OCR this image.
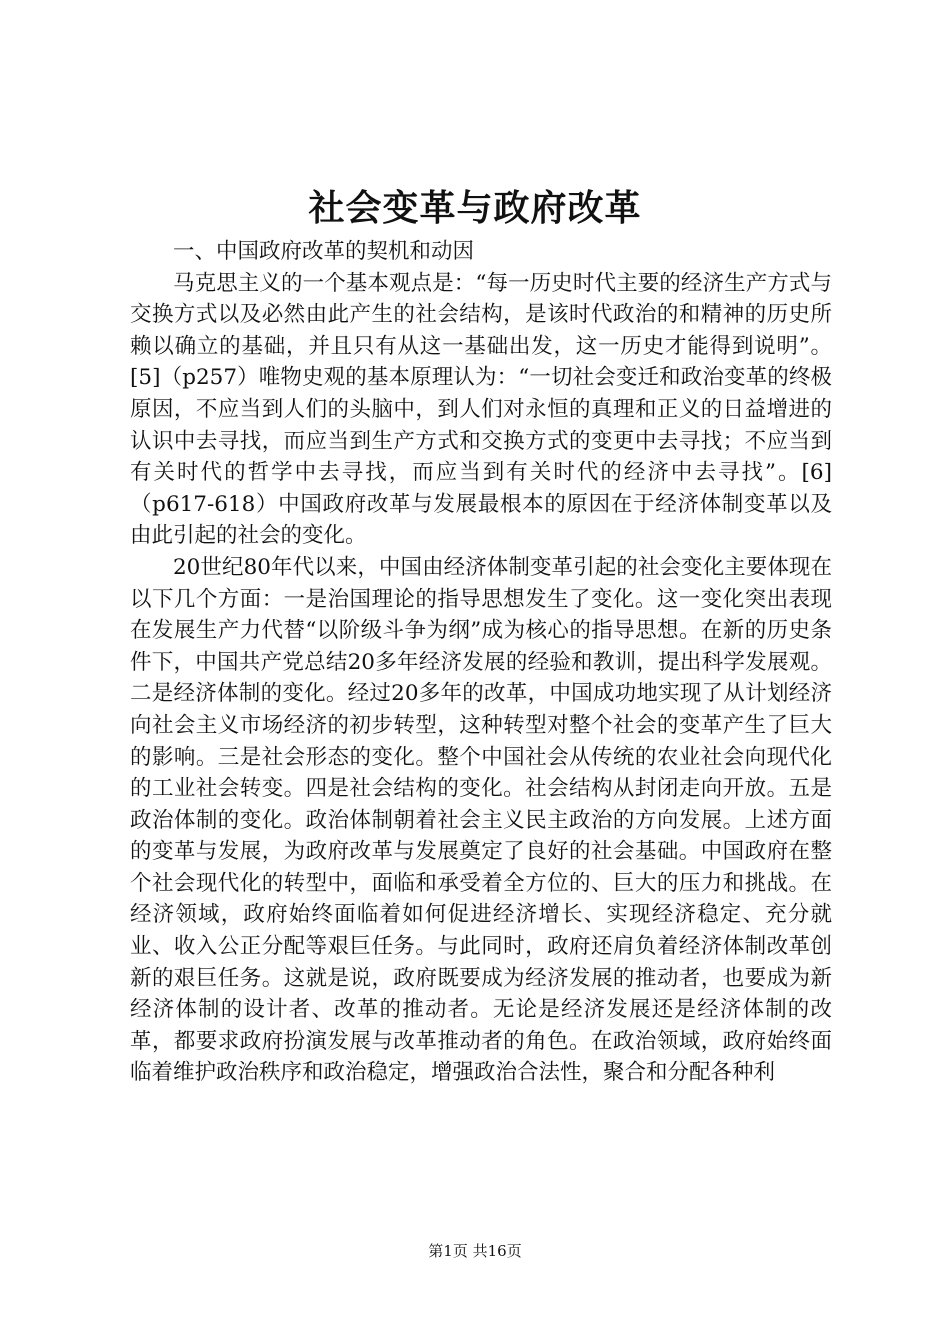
社会变革与政府改革

一、中国政府改革的契机和动因

马克思主义的一个基本观点是：“每一历史时代主要的经济生产方式与交换方式以及必然由此产生的社会结构，是该时代政治的和精神的历史所赖以确立的基础，并且只有从这一基础出发，这一历史才能得到说明”。[5]（p257）唯物史观的基本原理认为：“一切社会变迁和政治变革的终极原因，不应当到人们的头脑中，到人们对永恒的真理和正义的日益增进的认识中去寻找，而应当到生产方式和交换方式的变更中去寻找；不应当到有关时代的哲学中去寻找，而应当到有关时代的经济中去寻找”。[6]（p617-618）中国政府改革与发展最根本的原因在于经济体制变革以及由此引起的社会的变化。

20世纪80年代以来，中国由经济体制变革引起的社会变化主要体现在以下几个方面：一是治国理论的指导思想发生了变化。这一变化突出表现在发展生产力代替“以阶级斗争为纲”成为核心的指导思想。在新的历史条件下，中国共产党总结20多年经济发展的经验和教训，提出科学发展观。二是经济体制的变化。经过20多年的改革，中国成功地实现了从计划经济向社会主义市场经济的初步转型，这种转型对整个社会的变革产生了巨大的影响。三是社会形态的变化。整个中国社会从传统的农业社会向现代化的工业社会转变。四是社会结构的变化。社会结构从封闭走向开放。五是政治体制的变化。政治体制朝着社会主义民主政治的方向发展。上述方面的变革与发展，为政府改革与发展奠定了良好的社会基础。中国政府在整个社会现代化的转型中，面临和承受着全方位的、巨大的压力和挑战。在经济领域，政府始终面临着如何促进经济增长、实现经济稳定、充分就业、收入公正分配等艰巨任务。与此同时，政府还肩负着经济体制改革创新的艰巨任务。这就是说，政府既要成为经济发展的推动者，也要成为新经济体制的设计者、改革的推动者。无论是经济发展还是经济体制的改革，都要求政府扮演发展与改革推动者的角色。在政治领域，政府始终面临着维护政治秩序和政治稳定，增强政治合法性，聚合和分配各种利

第1页 共16页
